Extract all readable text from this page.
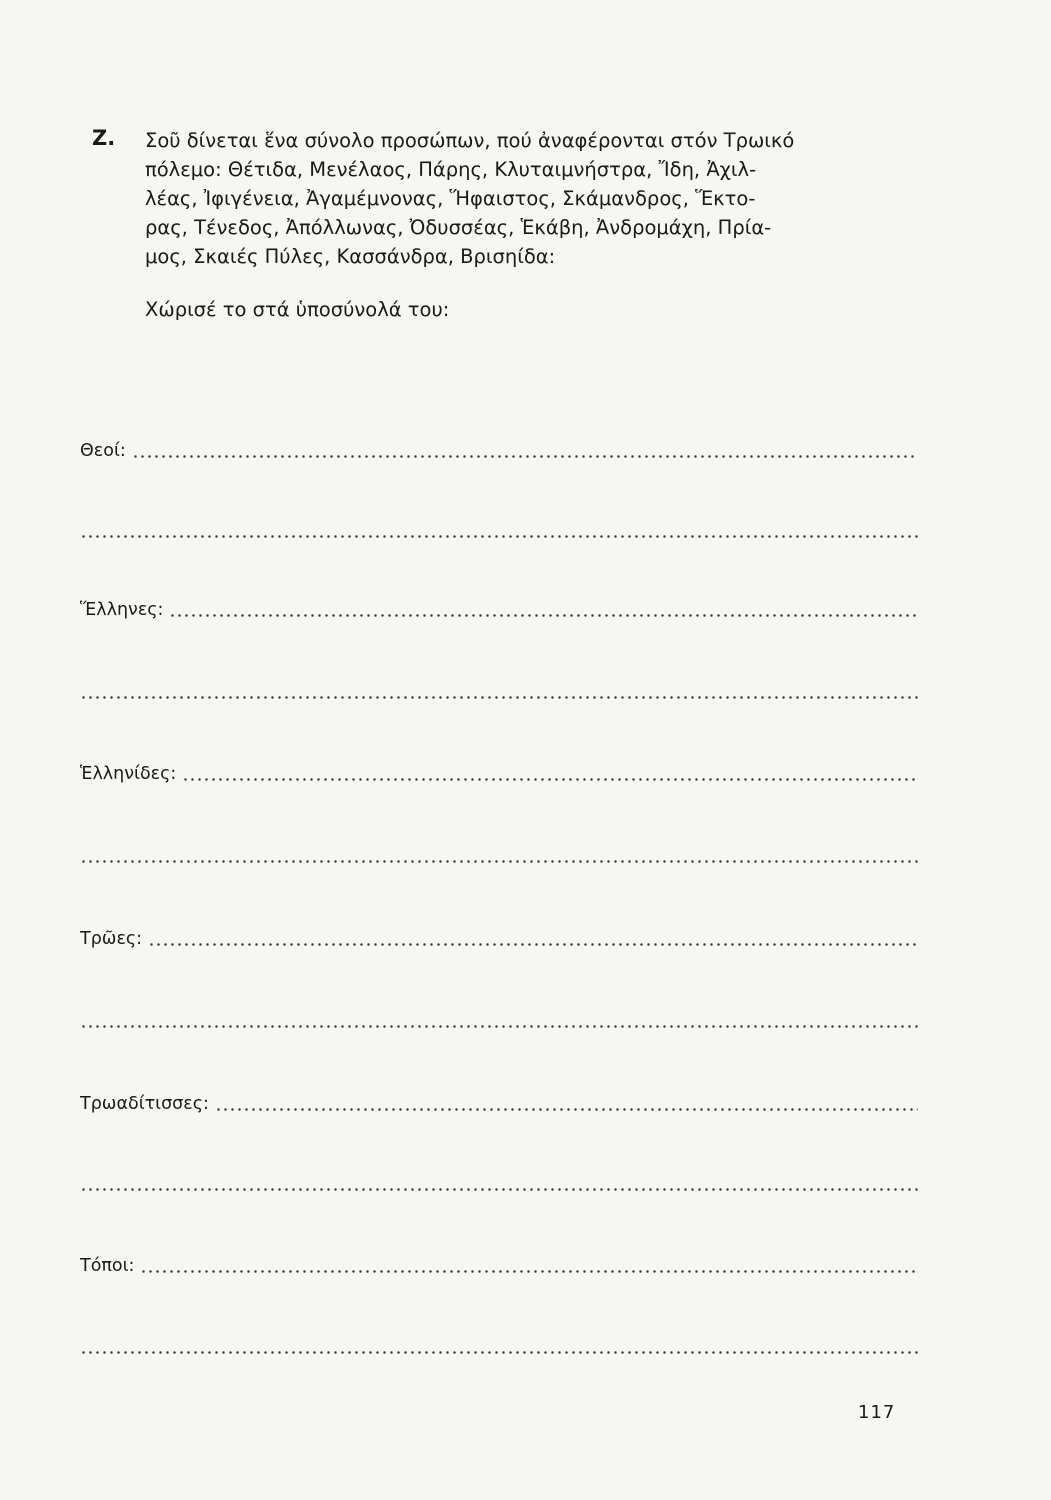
Ζ. Σοῦ δίνεται ἕνα σύνολο προσώπων, πού ἀναφέρονται στόν Τρωικό
πόλεμο: Θέτιδα, Μενέλαος, Πάρης, Κλυταιμνήστρα, Ἴδη, Ἀχιλ-
λέας, Ἰφιγένεια, Ἀγαμέμνονας, Ἥφαιστος, Σκάμανδρος, Ἕκτο-
ρας, Τένεδος, Ἀπόλλωνας, Ὀδυσσέας, Ἑκάβη, Ἀνδρομάχη, Πρία-
μος, Σκαιές Πύλες, Κασσάνδρα, Βρισηίδα:
Χώρισέ το στά ὑποσύνολά του:
Θεοί:
Ἕλληνες:
Ἑλληνίδες:
Τρῶες:
Τρωαδίτισσες:
Τόποι:
117
